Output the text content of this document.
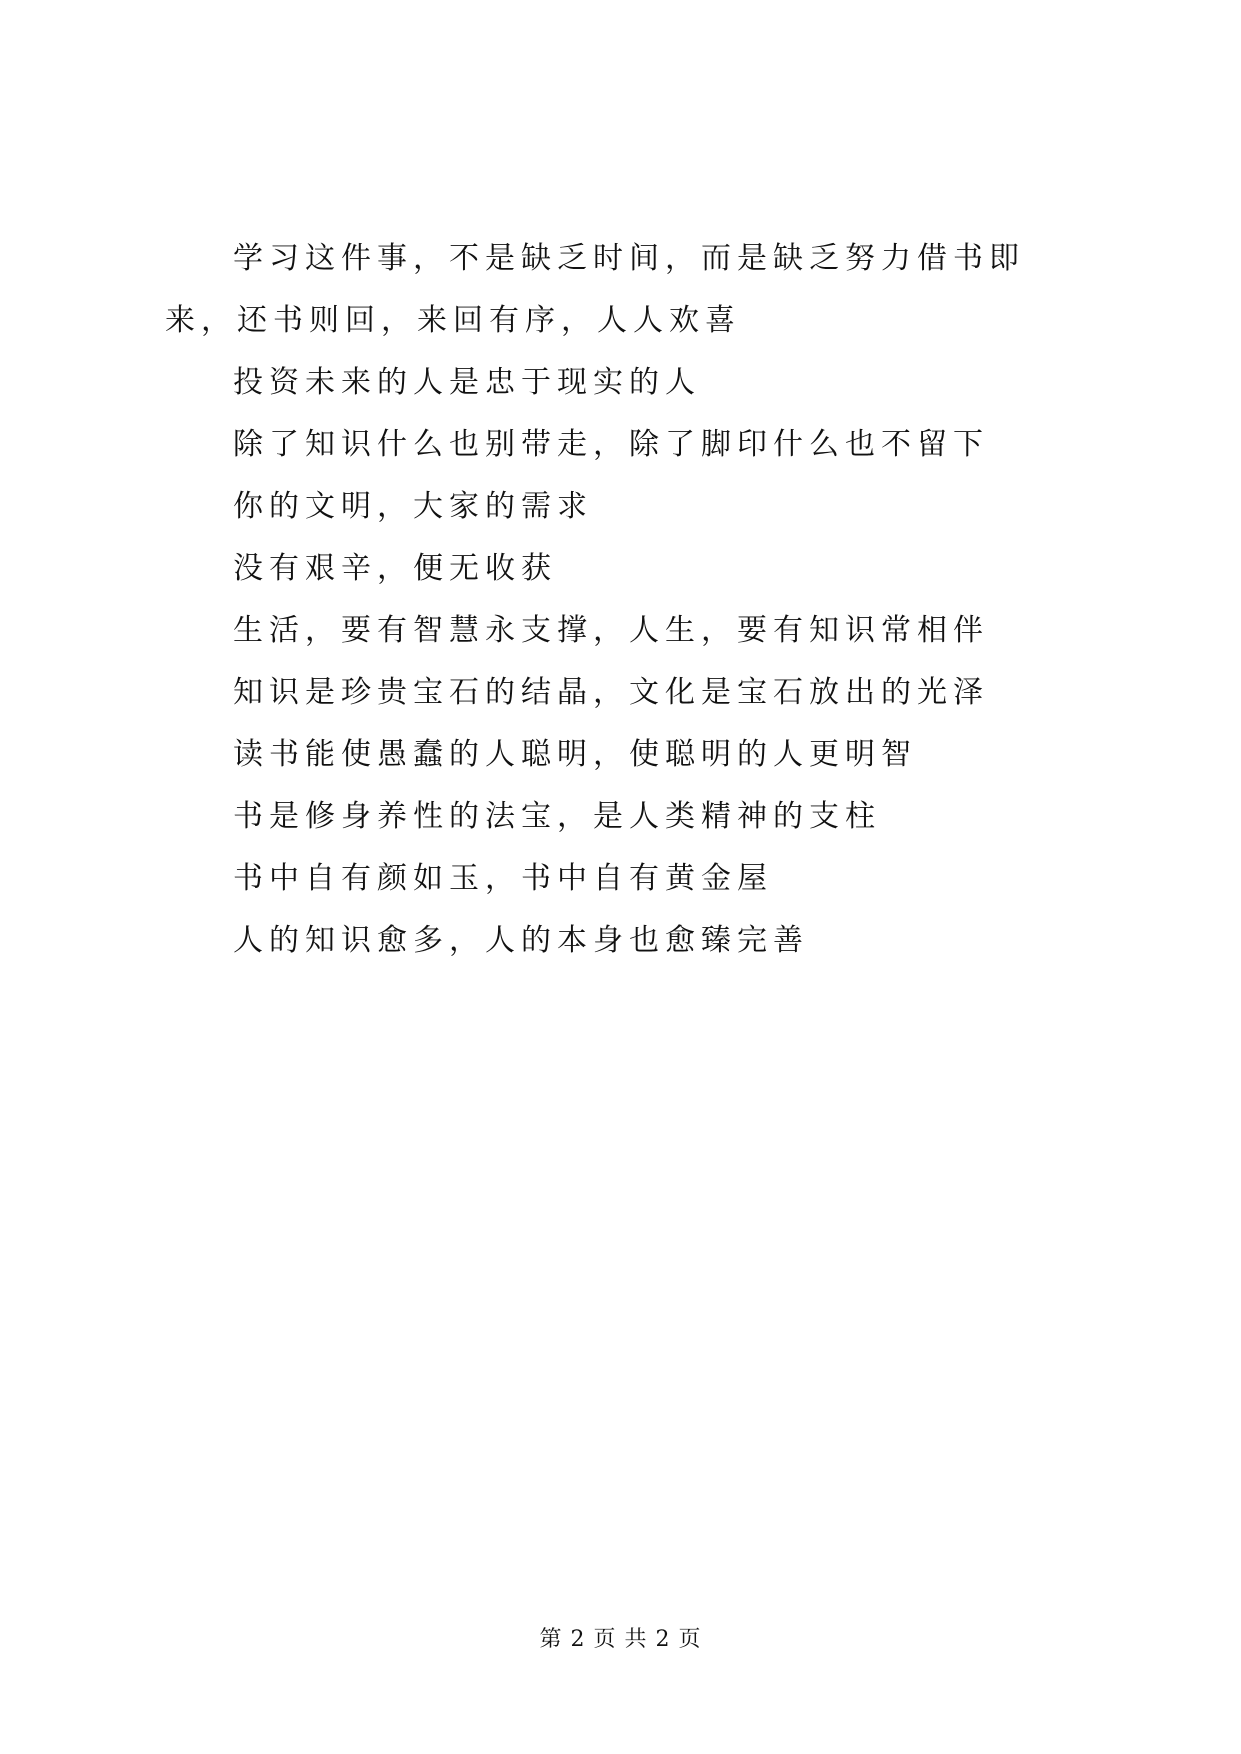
学习这件事，不是缺乏时间，而是缺乏努力借书即来，还书则回，来回有序，人人欢喜

投资未来的人是忠于现实的人

除了知识什么也别带走，除了脚印什么也不留下

你的文明，大家的需求

没有艰辛，便无收获

生活，要有智慧永支撑，人生，要有知识常相伴

知识是珍贵宝石的结晶，文化是宝石放出的光泽

读书能使愚蠢的人聪明，使聪明的人更明智

书是修身养性的法宝，是人类精神的支柱

书中自有颜如玉，书中自有黄金屋

人的知识愈多，人的本身也愈臻完善

第 2 页 共 2 页
